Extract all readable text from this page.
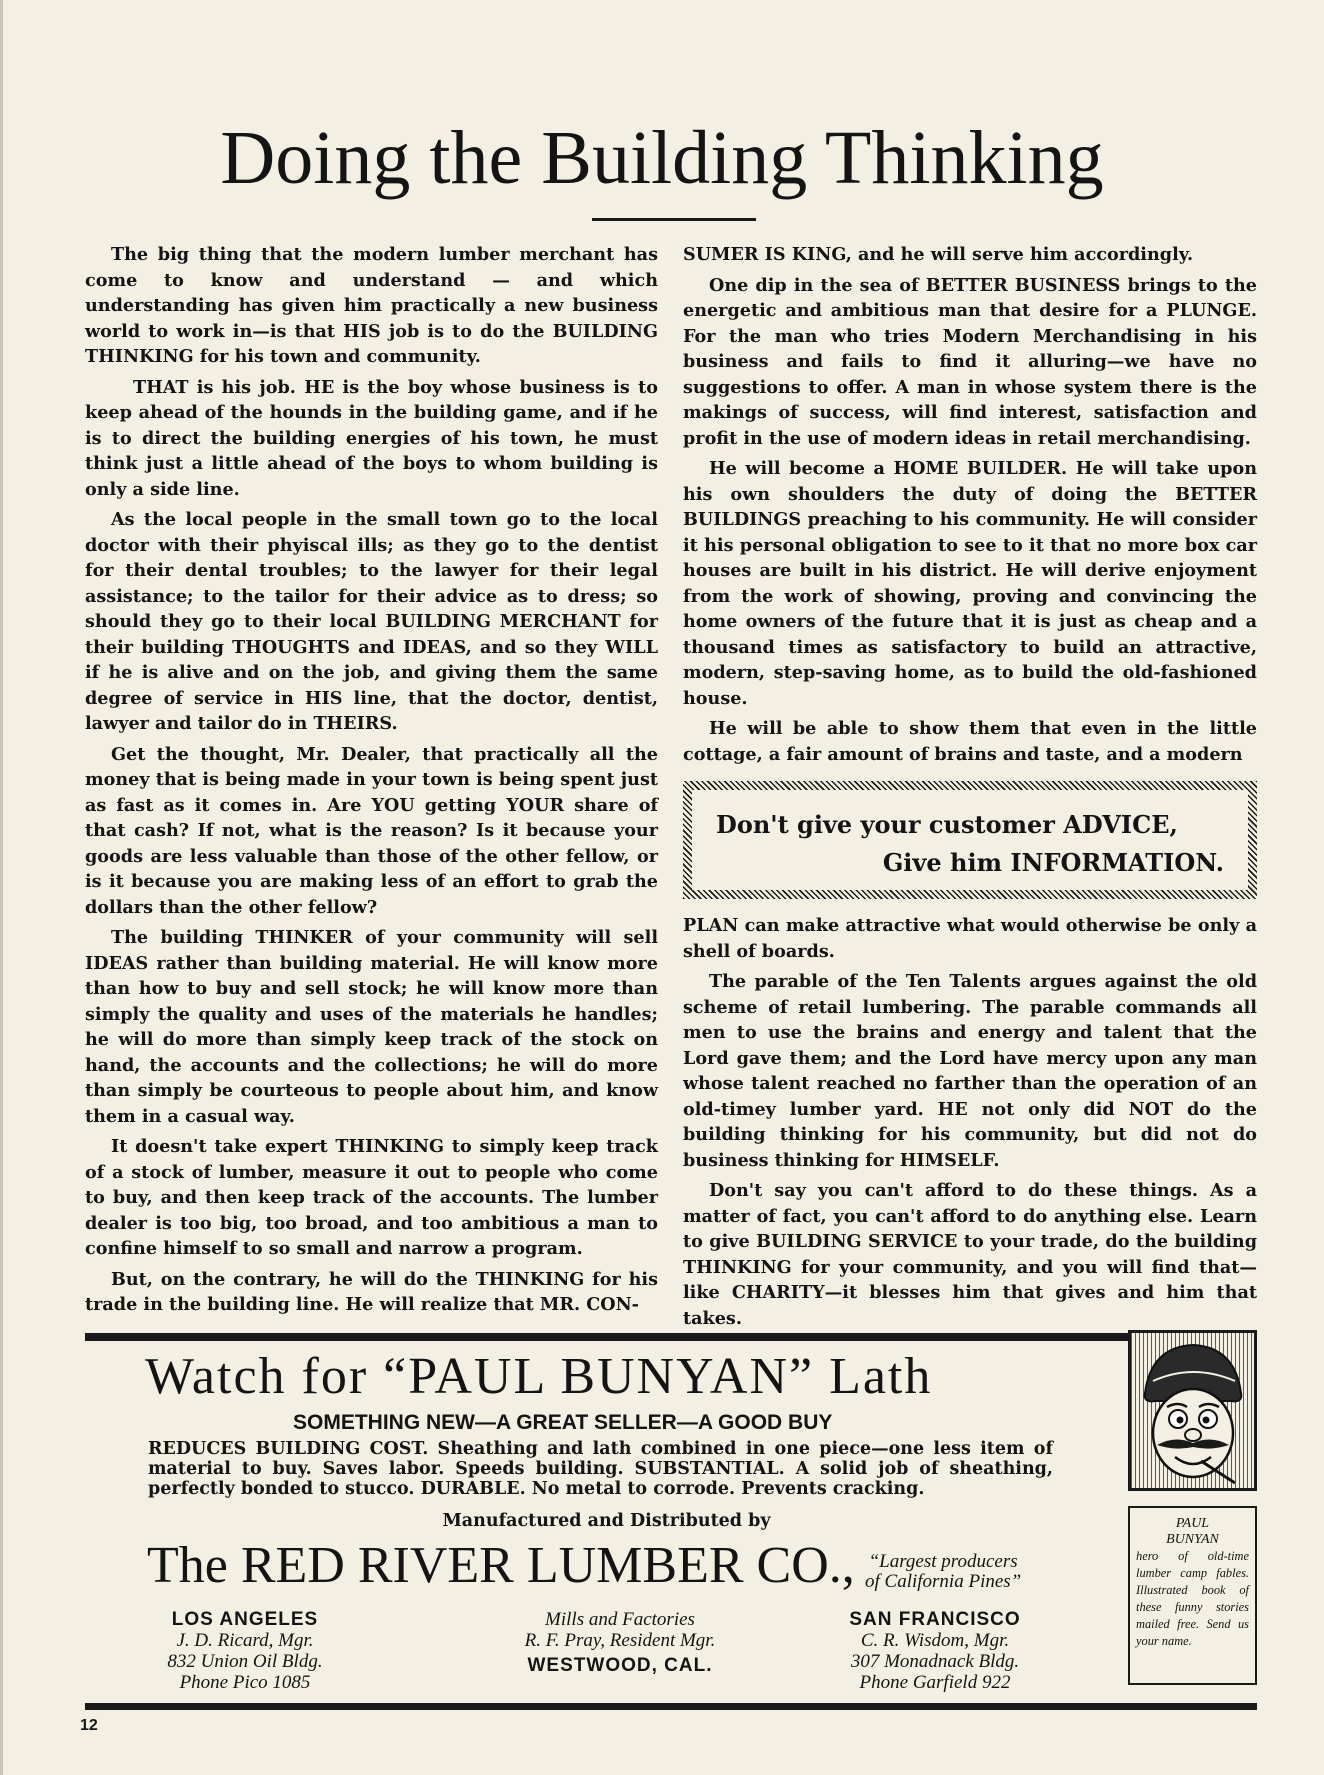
Doing the Building Thinking

The big thing that the modern lumber merchant has come to know and understand — and which understanding has given him practically a new business world to work in—is that HIS job is to do the BUILDING THINKING for his town and community.

THAT is his job. HE is the boy whose business is to keep ahead of the hounds in the building game, and if he is to direct the building energies of his town, he must think just a little ahead of the boys to whom building is only a side line.

As the local people in the small town go to the local doctor with their phyiscal ills; as they go to the dentist for their dental troubles; to the lawyer for their legal assistance; to the tailor for their advice as to dress; so should they go to their local BUILDING MERCHANT for their building THOUGHTS and IDEAS, and so they WILL if he is alive and on the job, and giving them the same degree of service in HIS line, that the doctor, dentist, lawyer and tailor do in THEIRS.

Get the thought, Mr. Dealer, that practically all the money that is being made in your town is being spent just as fast as it comes in. Are YOU getting YOUR share of that cash? If not, what is the reason? Is it because your goods are less valuable than those of the other fellow, or is it because you are making less of an effort to grab the dollars than the other fellow?

The building THINKER of your community will sell IDEAS rather than building material. He will know more than how to buy and sell stock; he will know more than simply the quality and uses of the materials he handles; he will do more than simply keep track of the stock on hand, the accounts and the collections; he will do more than simply be courteous to people about him, and know them in a casual way.

It doesn't take expert THINKING to simply keep track of a stock of lumber, measure it out to people who come to buy, and then keep track of the accounts. The lumber dealer is too big, too broad, and too ambitious a man to confine himself to so small and narrow a program.

But, on the contrary, he will do the THINKING for his trade in the building line. He will realize that MR. CON-

SUMER IS KING, and he will serve him accordingly.

One dip in the sea of BETTER BUSINESS brings to the energetic and ambitious man that desire for a PLUNGE. For the man who tries Modern Merchandising in his business and fails to find it alluring—we have no suggestions to offer. A man in whose system there is the makings of success, will find interest, satisfaction and profit in the use of modern ideas in retail merchandising.

He will become a HOME BUILDER. He will take upon his own shoulders the duty of doing the BETTER BUILDINGS preaching to his community. He will consider it his personal obligation to see to it that no more box car houses are built in his district. He will derive enjoyment from the work of showing, proving and convincing the home owners of the future that it is just as cheap and a thousand times as satisfactory to build an attractive, modern, step-saving home, as to build the old-fashioned house.

He will be able to show them that even in the little cottage, a fair amount of brains and taste, and a modern

Don't give your customer ADVICE,
Give him INFORMATION.

PLAN can make attractive what would otherwise be only a shell of boards.

The parable of the Ten Talents argues against the old scheme of retail lumbering. The parable commands all men to use the brains and energy and talent that the Lord gave them; and the Lord have mercy upon any man whose talent reached no farther than the operation of an old-timey lumber yard. HE not only did NOT do the building thinking for his community, but did not do business thinking for HIMSELF.

Don't say you can't afford to do these things. As a matter of fact, you can't afford to do anything else. Learn to give BUILDING SERVICE to your trade, do the building THINKING for your community, and you will find that—like CHARITY—it blesses him that gives and him that takes.

Watch for “PAUL BUNYAN” Lath
SOMETHING NEW—A GREAT SELLER—A GOOD BUY
REDUCES BUILDING COST. Sheathing and lath combined in one piece—one less item of material to buy. Saves labor. Speeds building. SUBSTANTIAL. A solid job of sheathing, perfectly bonded to stucco. DURABLE. No metal to corrode. Prevents cracking.
Manufactured and Distributed by
The RED RIVER LUMBER CO., “Largest producers
of California Pines”
LOS ANGELES
J. D. Ricard, Mgr.
832 Union Oil Bldg.
Phone Pico 1085
Mills and Factories
R. F. Pray, Resident Mgr.
WESTWOOD, CAL.
SAN FRANCISCO
C. R. Wisdom, Mgr.
307 Monadnack Bldg.
Phone Garfield 922
PAUL
BUNYAN
hero of old-time lumber camp fables. Illustrated book of these funny stories mailed free. Send us your name.
12
